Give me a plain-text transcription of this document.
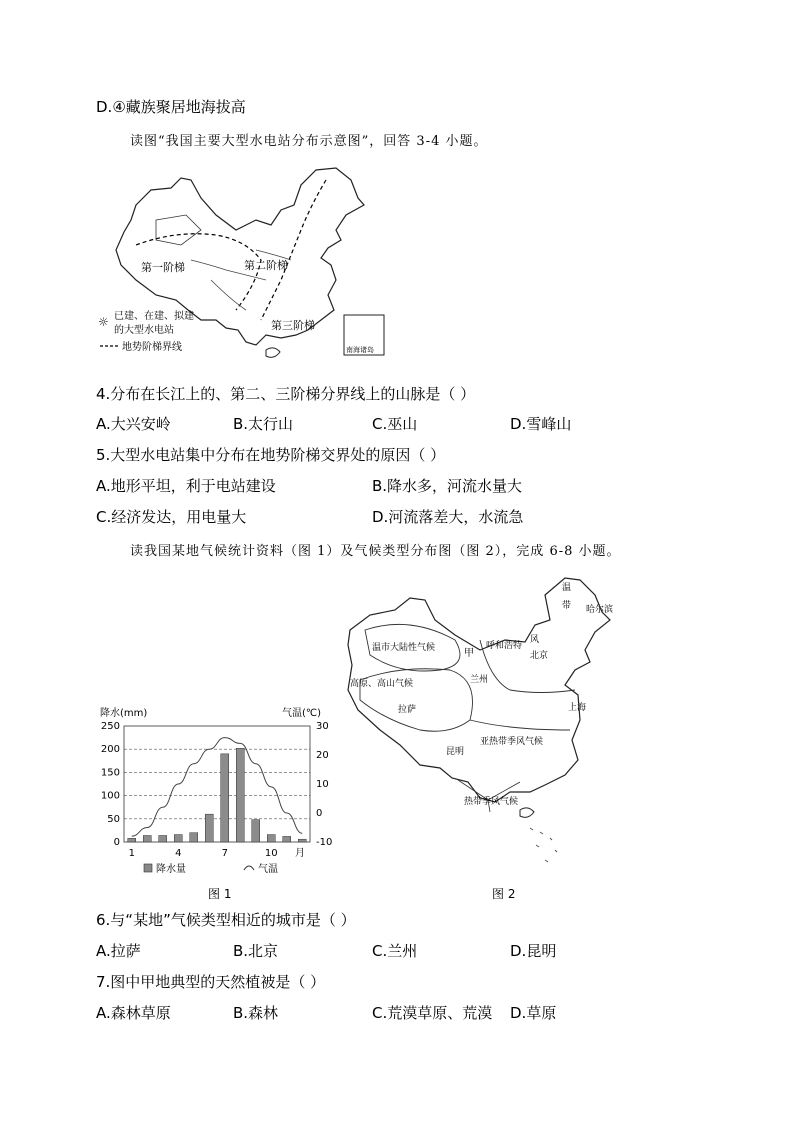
D.④藏族聚居地海拔高
读图“我国主要大型水电站分布示意图”，回答 3-4 小题。
南海诸岛
第一阶梯	第二阶梯
第三阶梯
☼ 已建、在建、拟建
的大型水电站
地势阶梯界线
4.分布在长江上的、第二、三阶梯分界线上的山脉是（ ）
A.大兴安岭	B.太行山	C.巫山	D.雪峰山
5.大型水电站集中分布在地势阶梯交界处的原因（ ）
A.地形平坦，利于电站建设	B.降水多，河流水量大
C.经济发达，用电量大	D.河流落差大，水流急
读我国某地气候统计资料（图 1）及气候类型分布图（图 2），完成 6-8 小题。
降水(mm)	气温(℃)
250
200
150
100
50
0
30
20
10
0
-10
1	4	7	10 月
降水量	气温
图 1
温市大陆性气候
高原、高山气候
甲
呼和浩特
兰州
北京
拉萨	上海
昆明
亚热带季风气候
热带季风气候
哈尔滨
温
带
风
图 2
6.与“某地”气候类型相近的城市是（ ）
A.拉萨	B.北京	C.兰州	D.昆明
7.图中甲地典型的天然植被是（ ）
A.森林草原	B.森林	C.荒漠草原、荒漠 D.草原
